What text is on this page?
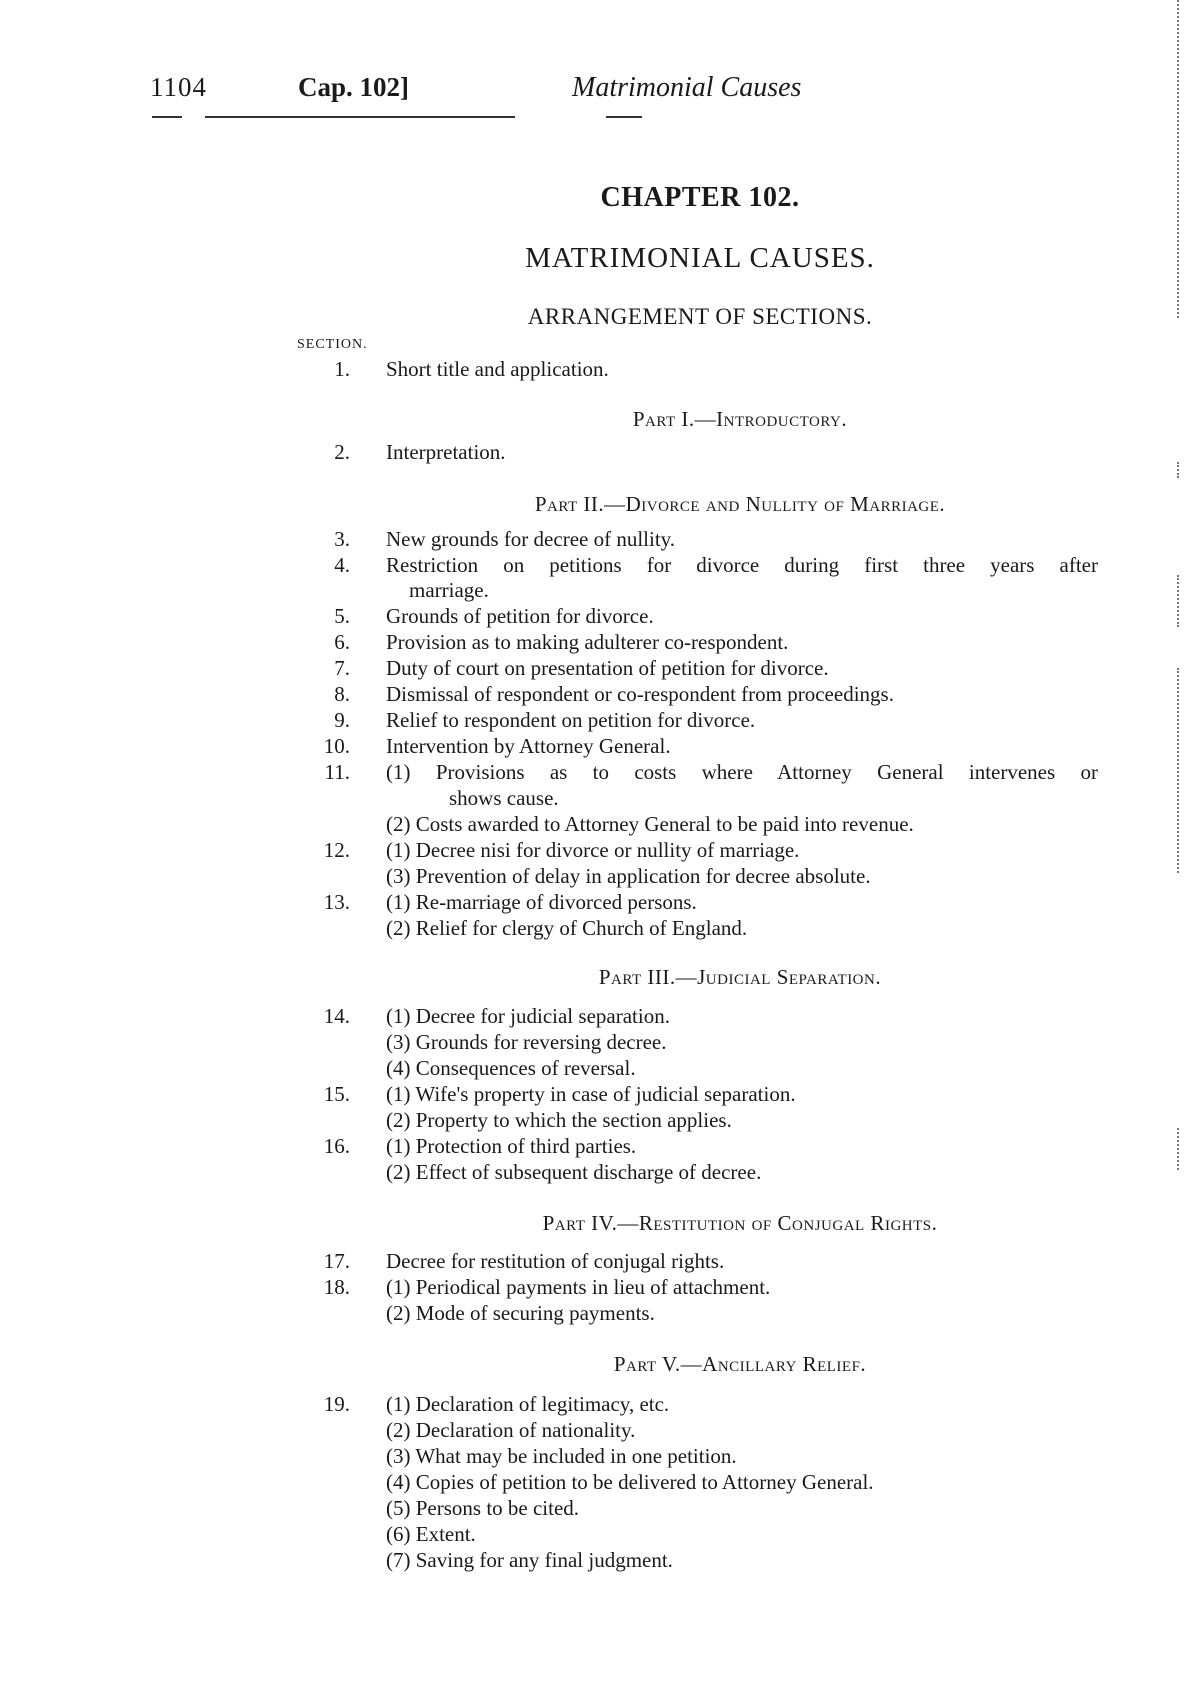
1104	Cap. 102]	Matrimonial Causes
CHAPTER 102.
MATRIMONIAL CAUSES.
ARRANGEMENT OF SECTIONS.
SECTION.
1. Short title and application.
Part I.—Introductory.
2. Interpretation.
Part II.—Divorce and Nullity of Marriage.
3. New grounds for decree of nullity.
4. Restriction on petitions for divorce during first three years after
marriage.
5. Grounds of petition for divorce.
6. Provision as to making adulterer co-respondent.
7. Duty of court on presentation of petition for divorce.
8. Dismissal of respondent or co-respondent from proceedings.
9. Relief to respondent on petition for divorce.
10. Intervention by Attorney General.
11. (1) Provisions as to costs where Attorney General intervenes or
shows cause.
(2) Costs awarded to Attorney General to be paid into revenue.
12. (1) Decree nisi for divorce or nullity of marriage.
(3) Prevention of delay in application for decree absolute.
13. (1) Re-marriage of divorced persons.
(2) Relief for clergy of Church of England.
Part III.—Judicial Separation.
14. (1) Decree for judicial separation.
(3) Grounds for reversing decree.
(4) Consequences of reversal.
15. (1) Wife's property in case of judicial separation.
(2) Property to which the section applies.
16. (1) Protection of third parties.
(2) Effect of subsequent discharge of decree.
Part IV.—Restitution of Conjugal Rights.
17. Decree for restitution of conjugal rights.
18. (1) Periodical payments in lieu of attachment.
(2) Mode of securing payments.
Part V.—Ancillary Relief.
19. (1) Declaration of legitimacy, etc.
(2) Declaration of nationality.
(3) What may be included in one petition.
(4) Copies of petition to be delivered to Attorney General.
(5) Persons to be cited.
(6) Extent.
(7) Saving for any final judgment.
